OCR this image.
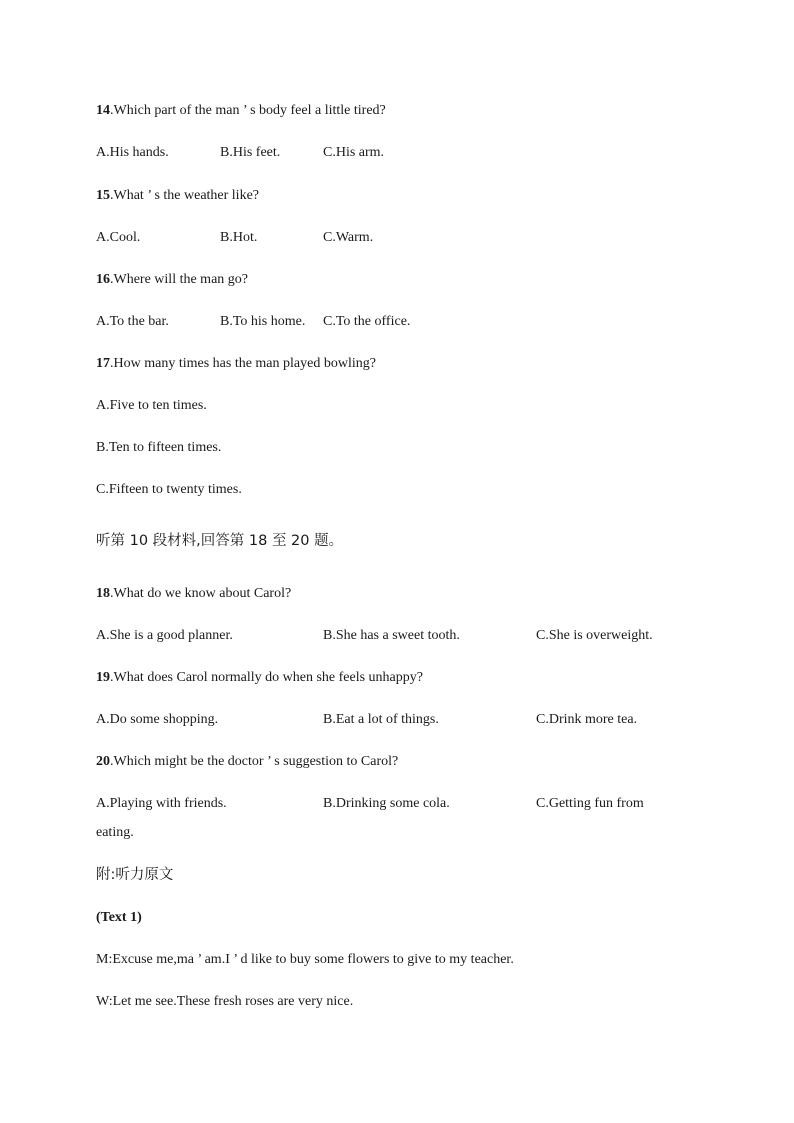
14.Which part of the man ’ s body feel a little tired?
A.His hands.	B.His feet.	C.His arm.
15.What ’ s the weather like?
A.Cool.	B.Hot.	C.Warm.
16.Where will the man go?
A.To the bar.	B.To his home. C.To the office.
17.How many times has the man played bowling?
A.Five to ten times.
B.Ten to fifteen times.
C.Fifteen to twenty times.
听第 10 段材料,回答第 18 至 20 题。
18.What do we know about Carol?
A.She is a good planner.	B.She has a sweet tooth.	C.She is overweight.
19.What does Carol normally do when she feels unhappy?
A.Do some shopping.	B.Eat a lot of things.	C.Drink more tea.
20.Which might be the doctor ’ s suggestion to Carol?
A.Playing with friends.	B.Drinking some cola.	C.Getting fun from
eating.
附:听力原文
(Text 1)
M:Excuse me,ma ’ am.I ’ d like to buy some flowers to give to my teacher.
W:Let me see.These fresh roses are very nice.
